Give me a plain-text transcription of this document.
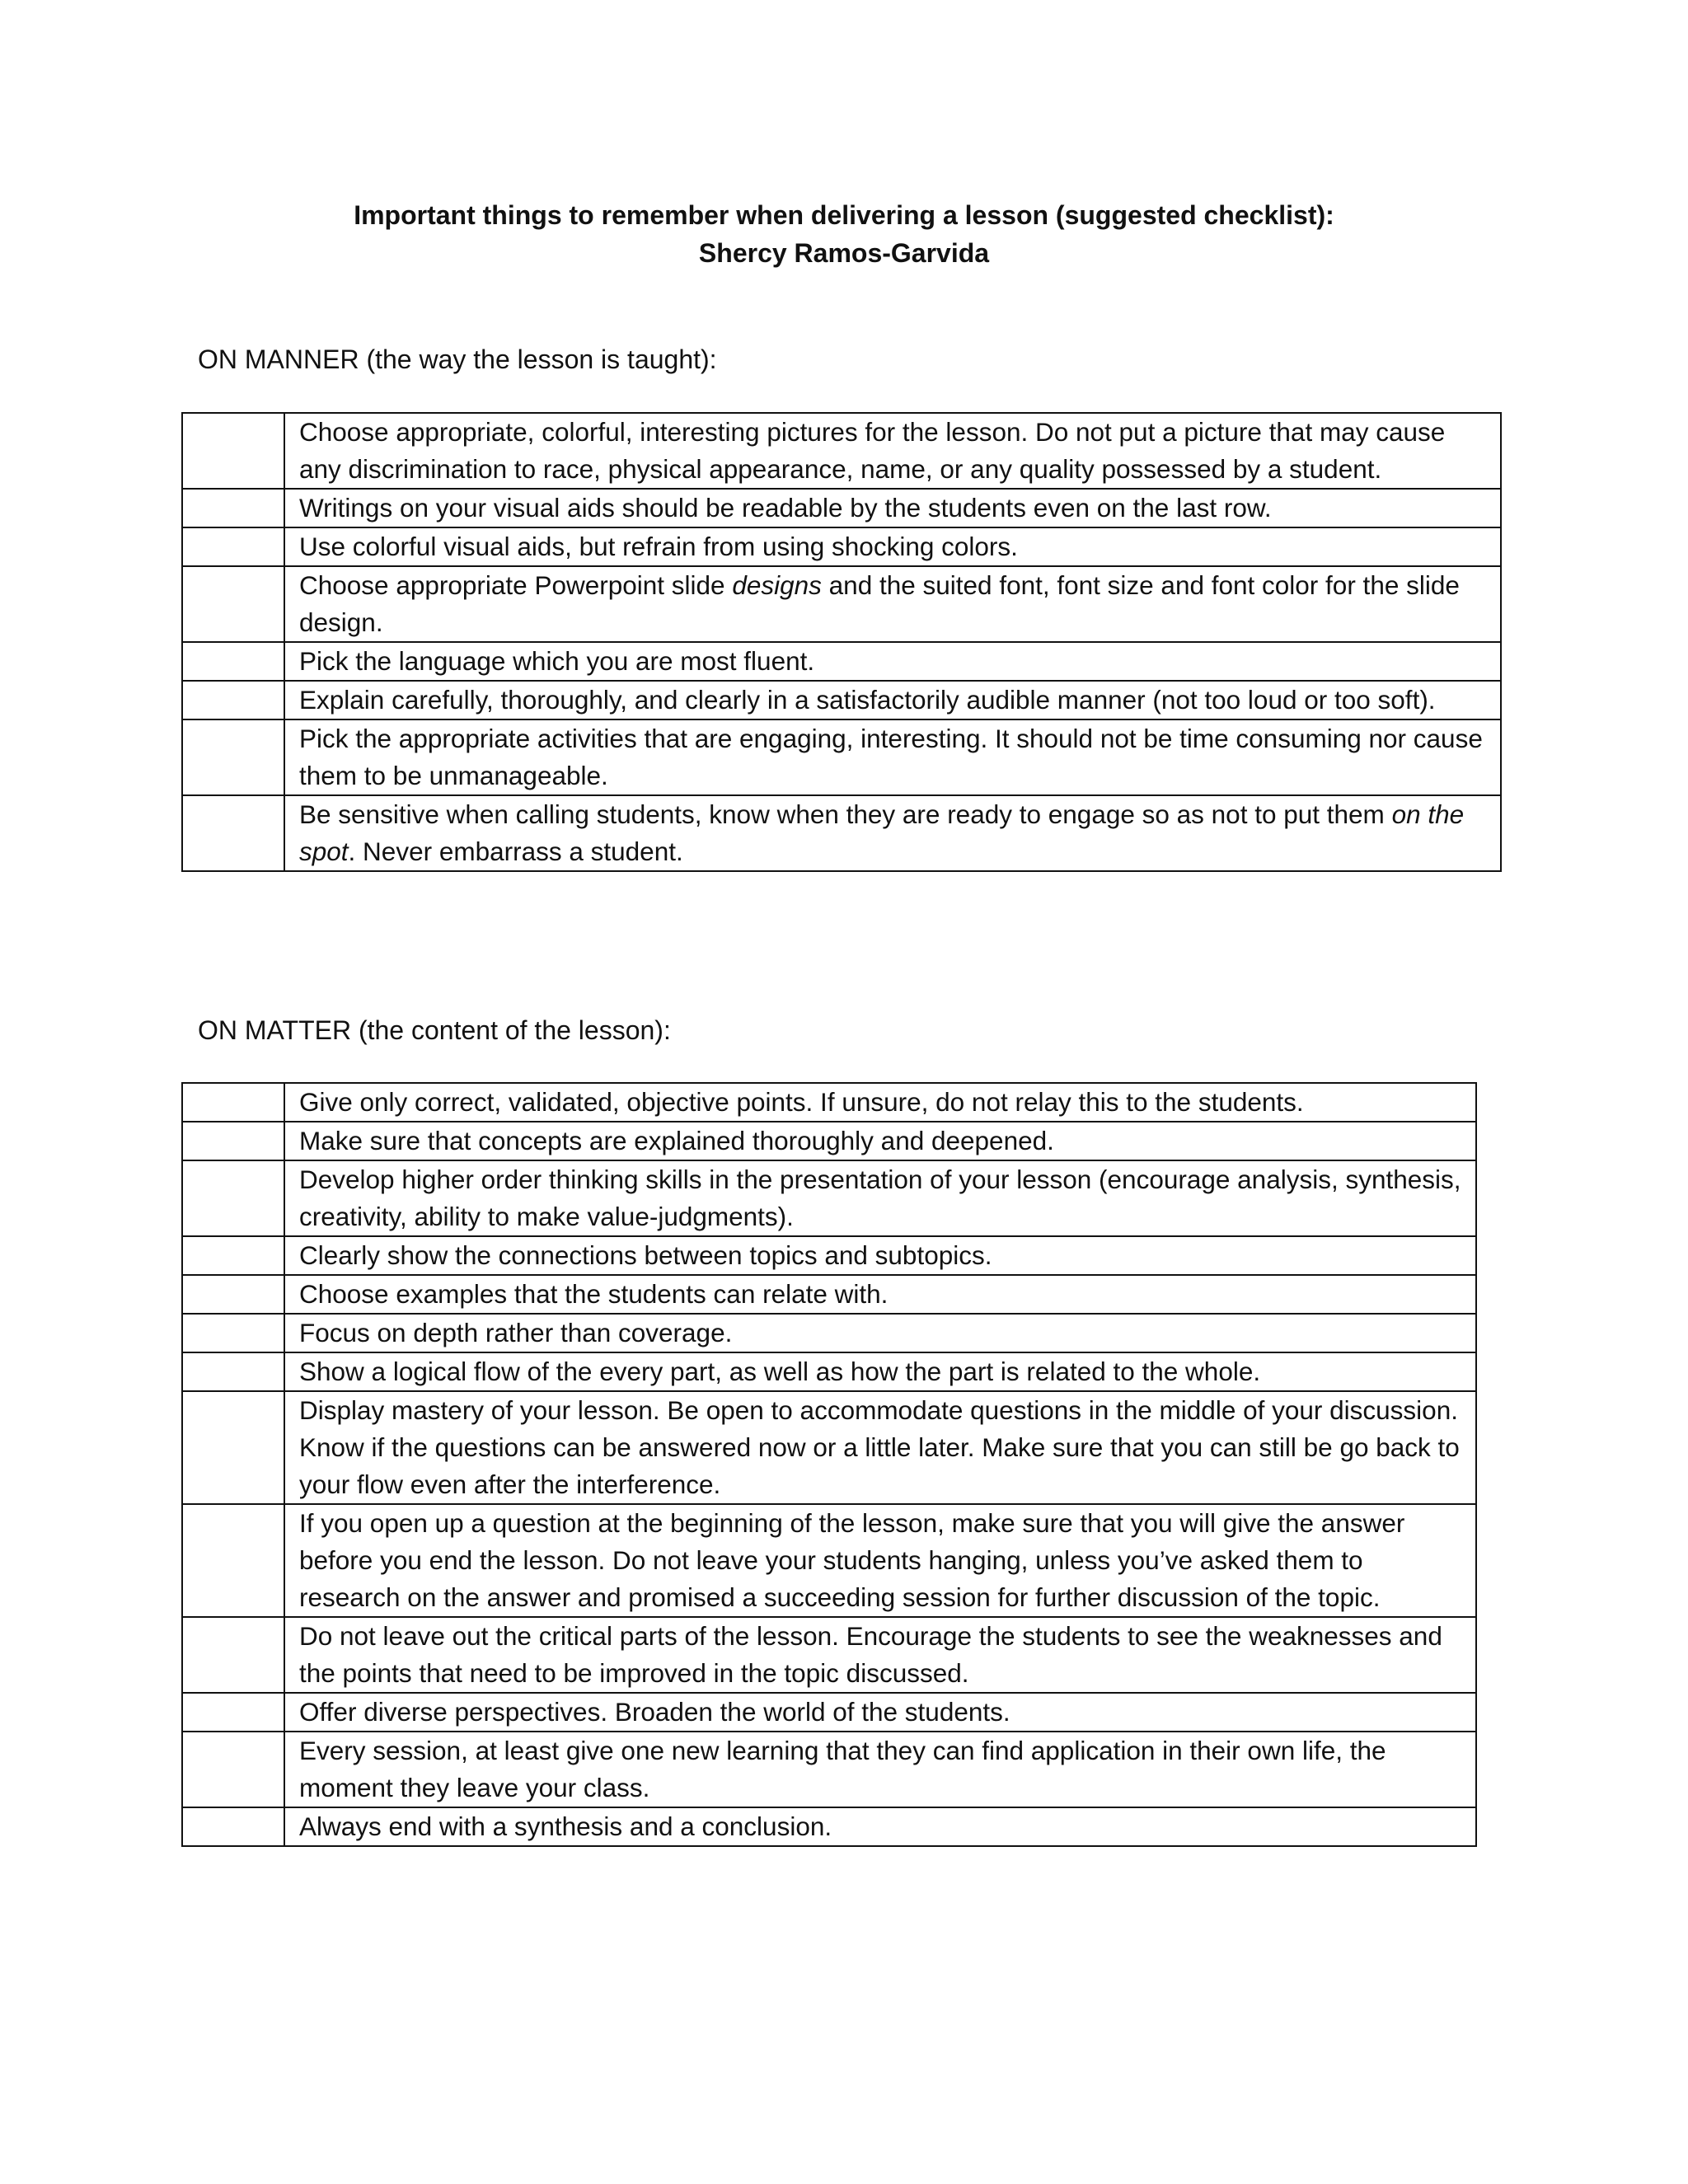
Important things to remember when delivering a lesson (suggested checklist):
Shercy Ramos-Garvida
ON MANNER (the way the lesson is taught):
	Choose appropriate, colorful, interesting pictures for the lesson. Do not put a picture that may cause any discrimination to race, physical appearance, name, or any quality possessed by a student.
	Writings on your visual aids should be readable by the students even on the last row.
	Use colorful visual aids, but refrain from using shocking colors.
	Choose appropriate Powerpoint slide designs and the suited font, font size and font color for the slide design.
	Pick the language which you are most fluent.
	Explain carefully, thoroughly, and clearly in a satisfactorily audible manner (not too loud or too soft).
	Pick the appropriate activities that are engaging, interesting. It should not be time consuming nor cause them to be unmanageable.
	Be sensitive when calling students, know when they are ready to engage so as not to put them on the spot. Never embarrass a student.
ON MATTER (the content of the lesson):
	Give only correct, validated, objective points. If unsure, do not relay this to the students.
	Make sure that concepts are explained thoroughly and deepened.
	Develop higher order thinking skills in the presentation of your lesson (encourage analysis, synthesis, creativity, ability to make value-judgments).
	Clearly show the connections between topics and subtopics.
	Choose examples that the students can relate with.
	Focus on depth rather than coverage.
	Show a logical flow of the every part, as well as how the part is related to the whole.
	Display mastery of your lesson. Be open to accommodate questions in the middle of your discussion. Know if the questions can be answered now or a little later. Make sure that you can still be go back to your flow even after the interference.
	If you open up a question at the beginning of the lesson, make sure that you will give the answer before you end the lesson. Do not leave your students hanging, unless you’ve asked them to research on the answer and promised a succeeding session for further discussion of the topic.
	Do not leave out the critical parts of the lesson. Encourage the students to see the weaknesses and the points that need to be improved in the topic discussed.
	Offer diverse perspectives. Broaden the world of the students.
	Every session, at least give one new learning that they can find application in their own life, the moment they leave your class.
	Always end with a synthesis and a conclusion.
